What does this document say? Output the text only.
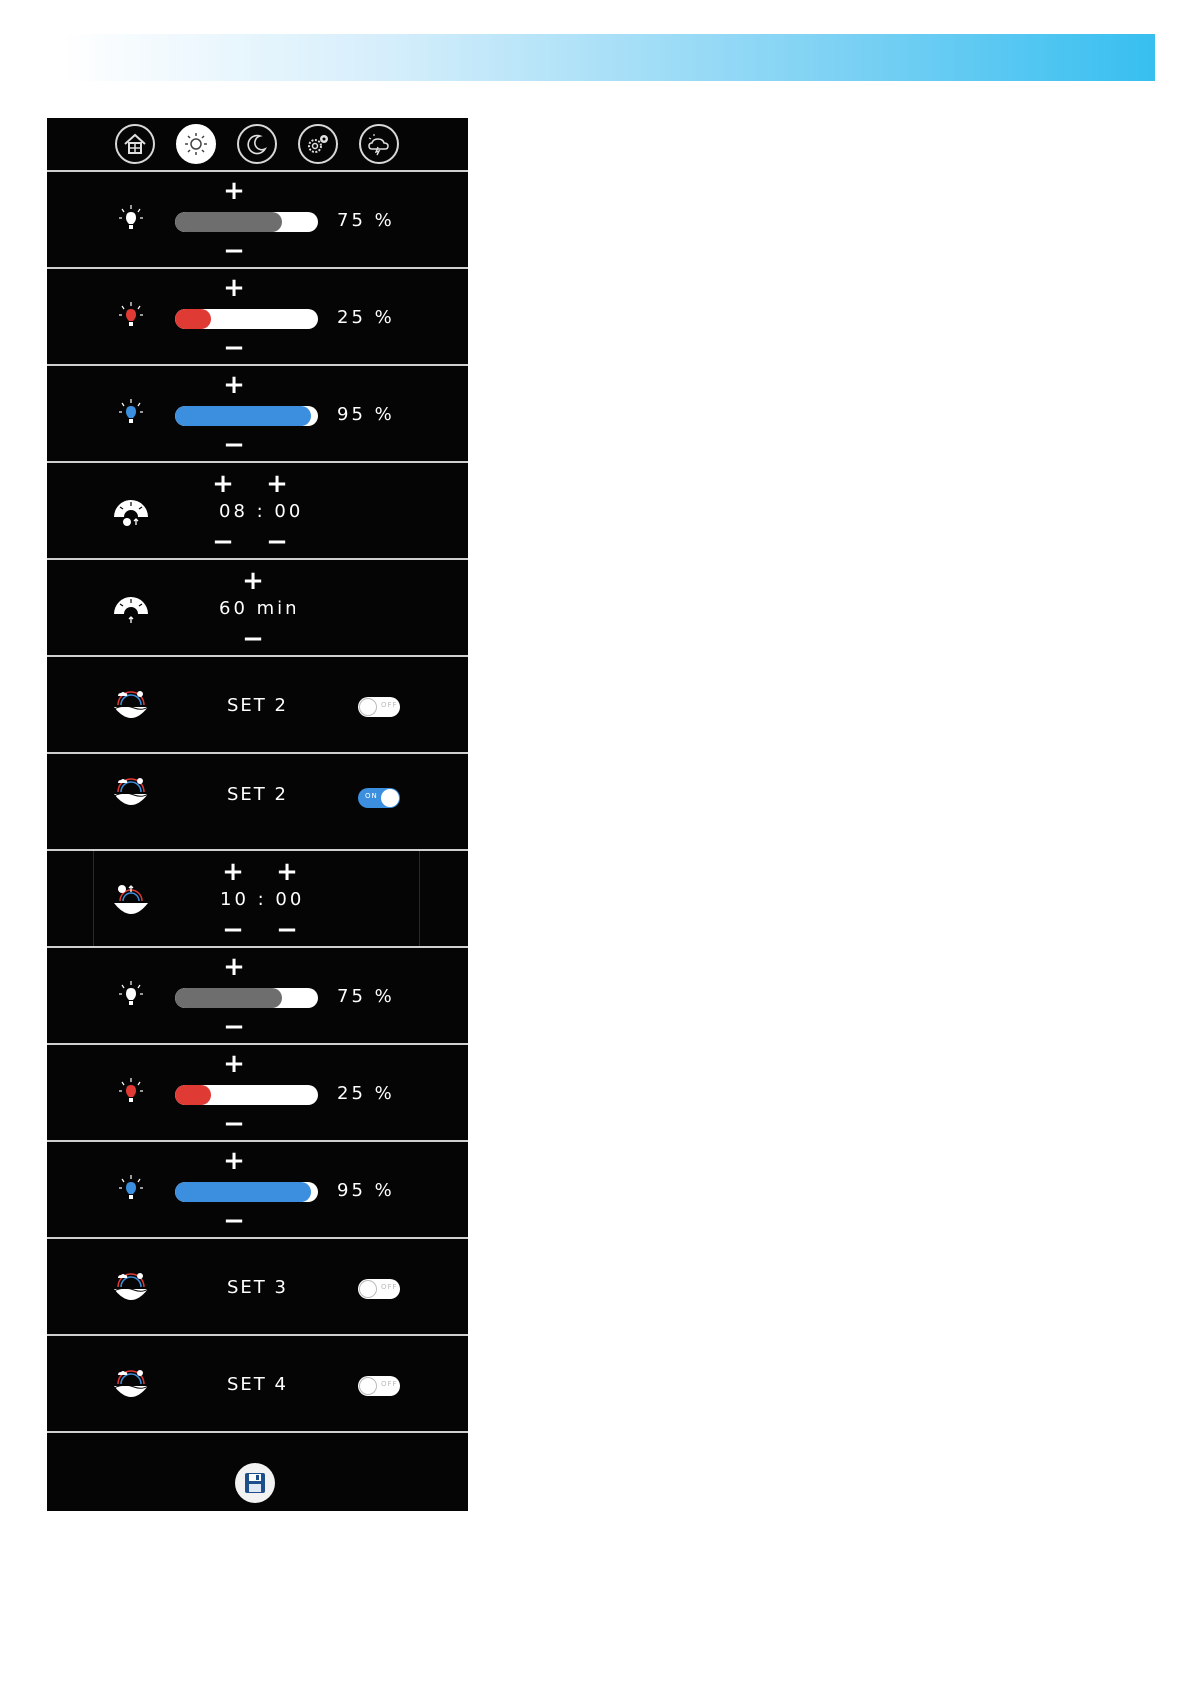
+
75 %
−
+
25 %
−
+
95 %
−
+ +
08 : 00
− −
+
60 min
−
SET 2	OFF
SET 2	ON
+ +
10 : 00
− −
+
75 %
−
+
25 %
−
+
95 %
−
SET 3	OFF
SET 4	OFF
